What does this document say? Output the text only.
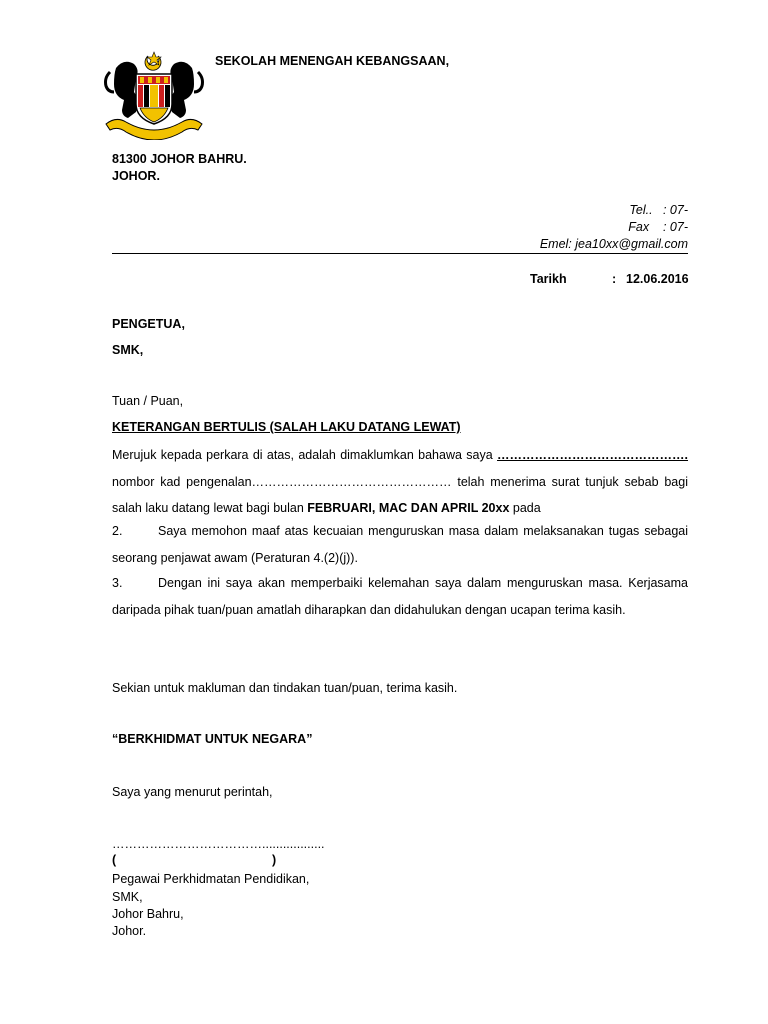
SEKOLAH MENENGAH KEBANGSAAN,
81300 JOHOR BAHRU.
JOHOR.
Tel..   : 07-
Fax    : 07-
Emel: jea10xx@gmail.com
Tarikh	: 12.06.2016
PENGETUA,
SMK,
Tuan / Puan,
KETERANGAN BERTULIS (SALAH LAKU DATANG LEWAT)
Merujuk kepada perkara di atas, adalah dimaklumkan bahawa saya ………………………………………. nombor kad pengenalan………………………………………… telah menerima surat tunjuk sebab bagi salah laku datang lewat bagi bulan FEBRUARI, MAC DAN APRIL 20xx pada
2.	Saya memohon maaf atas kecuaian menguruskan masa dalam melaksanakan tugas sebagai seorang penjawat awam (Peraturan 4.(2)(j)).
3.	Dengan ini saya akan memperbaiki kelemahan saya dalam menguruskan masa. Kerjasama daripada pihak tuan/puan amatlah diharapkan dan didahulukan dengan ucapan terima kasih.
Sekian untuk makluman dan tindakan tuan/puan, terima kasih.
“BERKHIDMAT UNTUK NEGARA”
Saya yang menurut perintah,
………………………………..................
(	)
Pegawai Perkhidmatan Pendidikan,
SMK,
Johor Bahru,
Johor.
